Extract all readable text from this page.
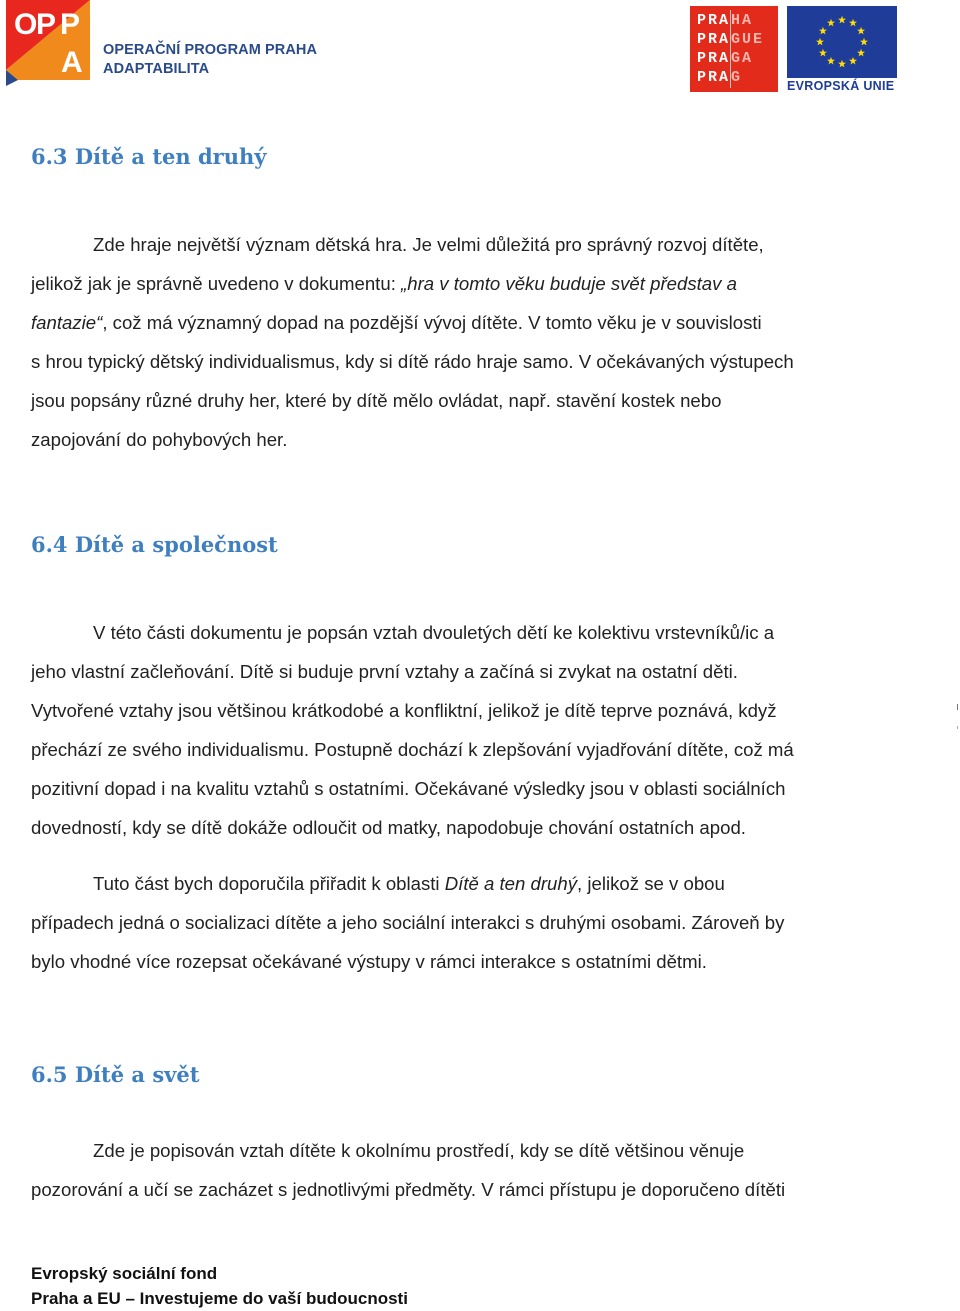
O
P P
A OPERAČNÍ PROGRAM PRAHA
ADAPTABILITA
PRA HA
PRA GUE
PRA GA
PRA G	EVROPSKÁ UNIE
6.3 Dítě a ten druhý
Zde hraje největší význam dětská hra. Je velmi důležitá pro správný rozvoj dítěte,
jelikož jak je správně uvedeno v dokumentu: „hra v tomto věku buduje svět představ a
fantazie“, což má významný dopad na pozdější vývoj dítěte. V tomto věku je v souvislosti
s hrou typický dětský individualismus, kdy si dítě rádo hraje samo. V očekávaných výstupech
jsou popsány různé druhy her, které by dítě mělo ovládat, např. stavění kostek nebo
zapojování do pohybových her.
6.4 Dítě a společnost
V této části dokumentu je popsán vztah dvouletých dětí ke kolektivu vrstevníků/ic a
jeho vlastní začleňování. Dítě si buduje první vztahy a začíná si zvykat na ostatní děti.
Vytvořené vztahy jsou většinou krátkodobé a konfliktní, jelikož je dítě teprve poznává, když
přechází ze svého individualismu. Postupně dochází k zlepšování vyjadřování dítěte, což má
pozitivní dopad i na kvalitu vztahů s ostatními. Očekávané výsledky jsou v oblasti sociálních
dovedností, kdy se dítě dokáže odloučit od matky, napodobuje chování ostatních apod.
Tuto část bych doporučila přiřadit k oblasti Dítě a ten druhý, jelikož se v obou
případech jedná o socializaci dítěte a jeho sociální interakci s druhými osobami. Zároveň by
bylo vhodné více rozepsat očekávané výstupy v rámci interakce s ostatními dětmi.
6.5 Dítě a svět
Zde je popisován vztah dítěte k okolnímu prostředí, kdy se dítě většinou věnuje
pozorování a učí se zacházet s jednotlivými předměty. V rámci přístupu je doporučeno dítěti
Evropský sociální fond
Praha a EU – Investujeme do vaší budoucnosti
